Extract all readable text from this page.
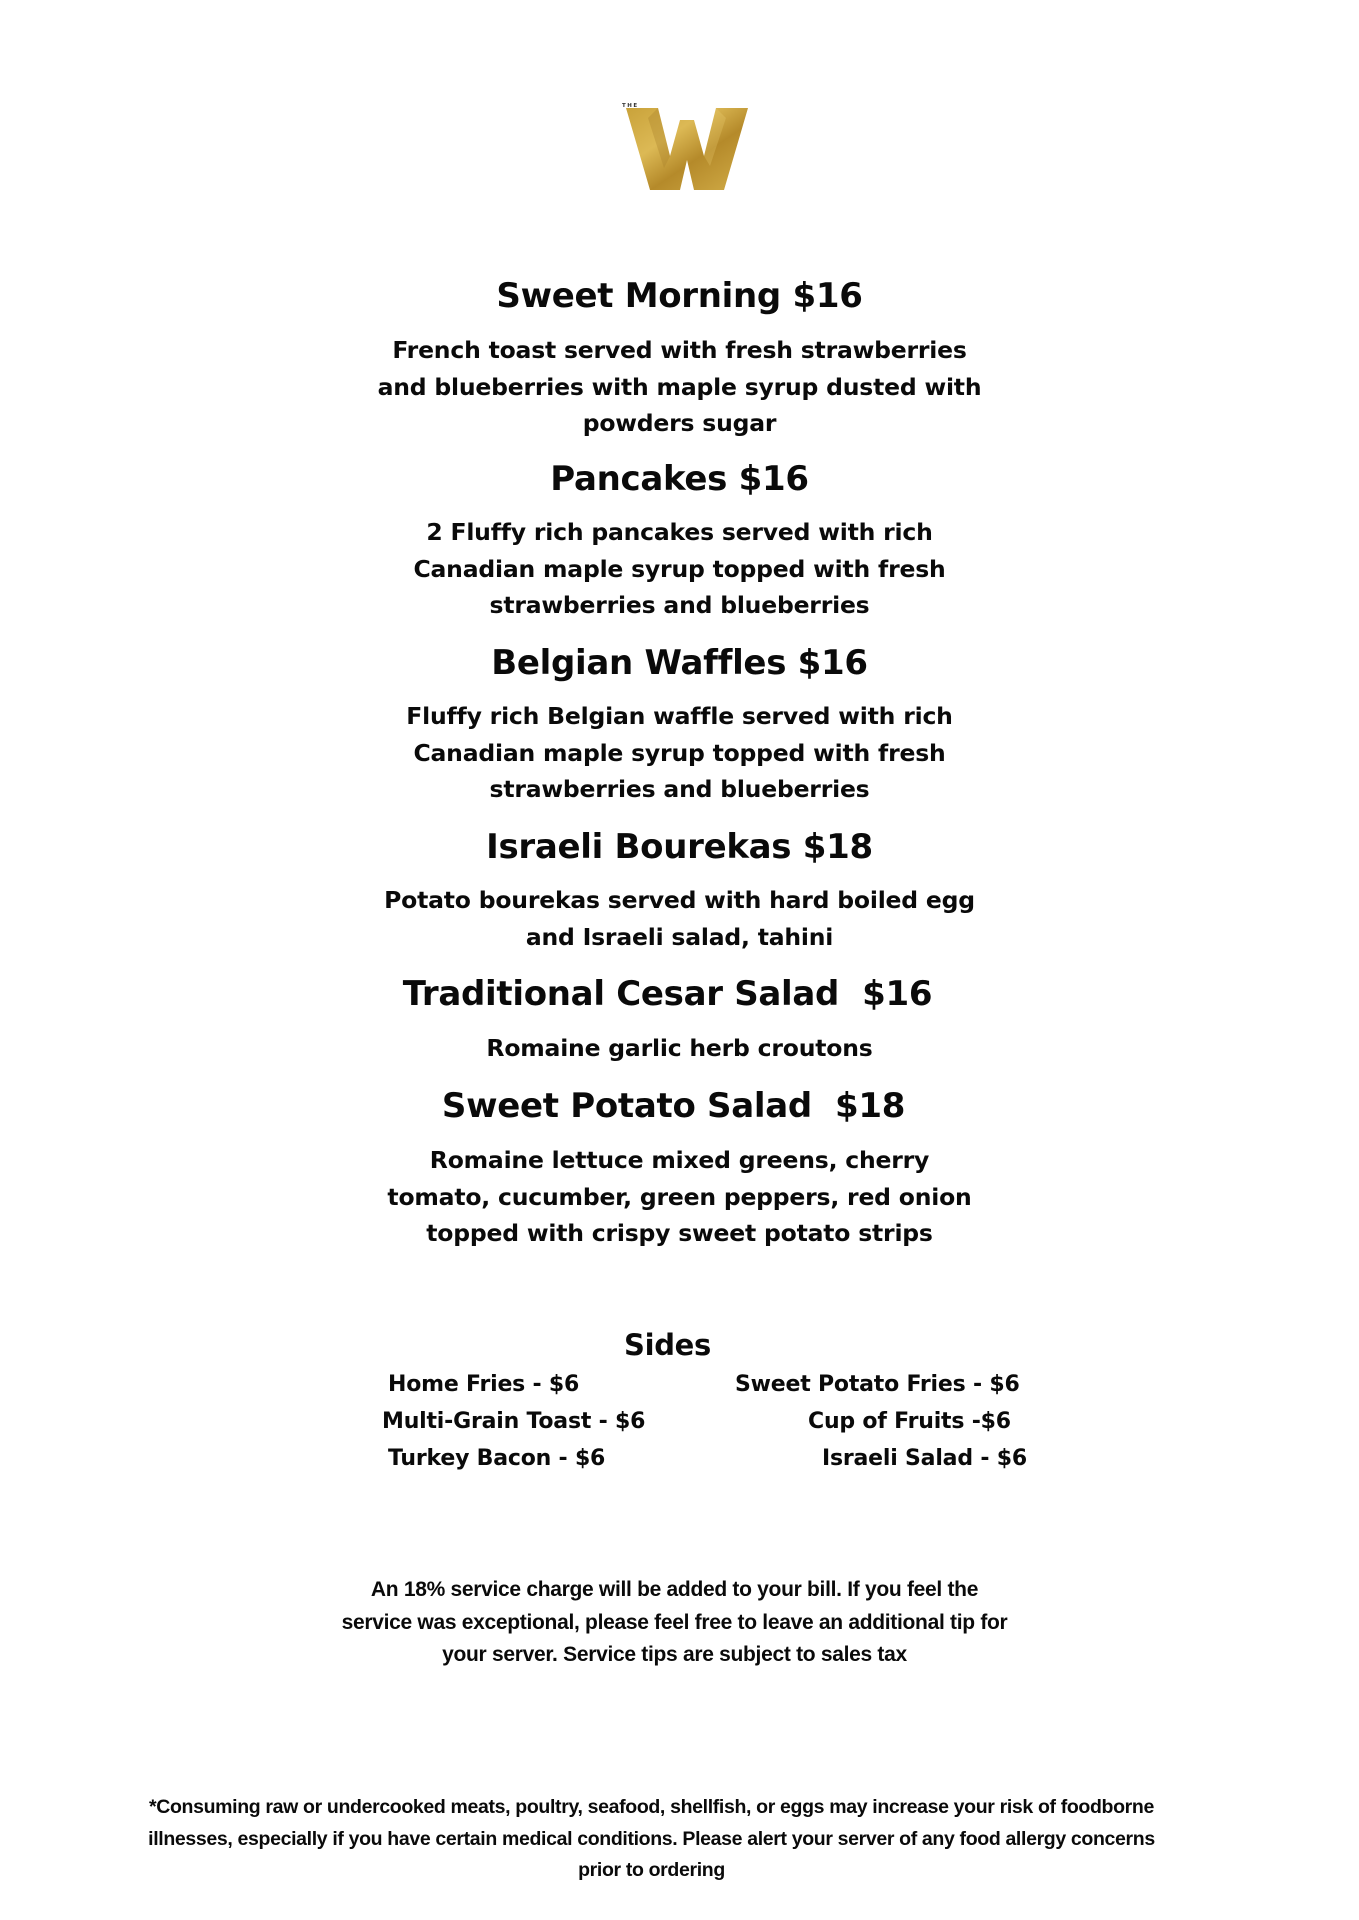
THE
Sweet Morning $16
French toast served with fresh strawberries
and blueberries with maple syrup dusted with
powders sugar
Pancakes $16
2 Fluffy rich pancakes served with rich
Canadian maple syrup topped with fresh
strawberries and blueberries
Belgian Waffles $16
Fluffy rich Belgian waffle served with rich
Canadian maple syrup topped with fresh
strawberries and blueberries
Israeli Bourekas $18
Potato bourekas served with hard boiled egg
and Israeli salad, tahini
Traditional Cesar Salad  $16
Romaine garlic herb croutons
Sweet Potato Salad  $18
Romaine lettuce mixed greens, cherry
tomato, cucumber, green peppers, red onion
topped with crispy sweet potato strips
Sides
Home Fries - $6
Multi-Grain Toast - $6
Turkey Bacon - $6
Sweet Potato Fries - $6
Cup of Fruits -$6
Israeli Salad - $6
An 18% service charge will be added to your bill. If you feel the
service was exceptional, please feel free to leave an additional tip for
your server. Service tips are subject to sales tax
*Consuming raw or undercooked meats, poultry, seafood, shellfish, or eggs may increase your risk of foodborne
illnesses, especially if you have certain medical conditions. Please alert your server of any food allergy concerns
prior to ordering
